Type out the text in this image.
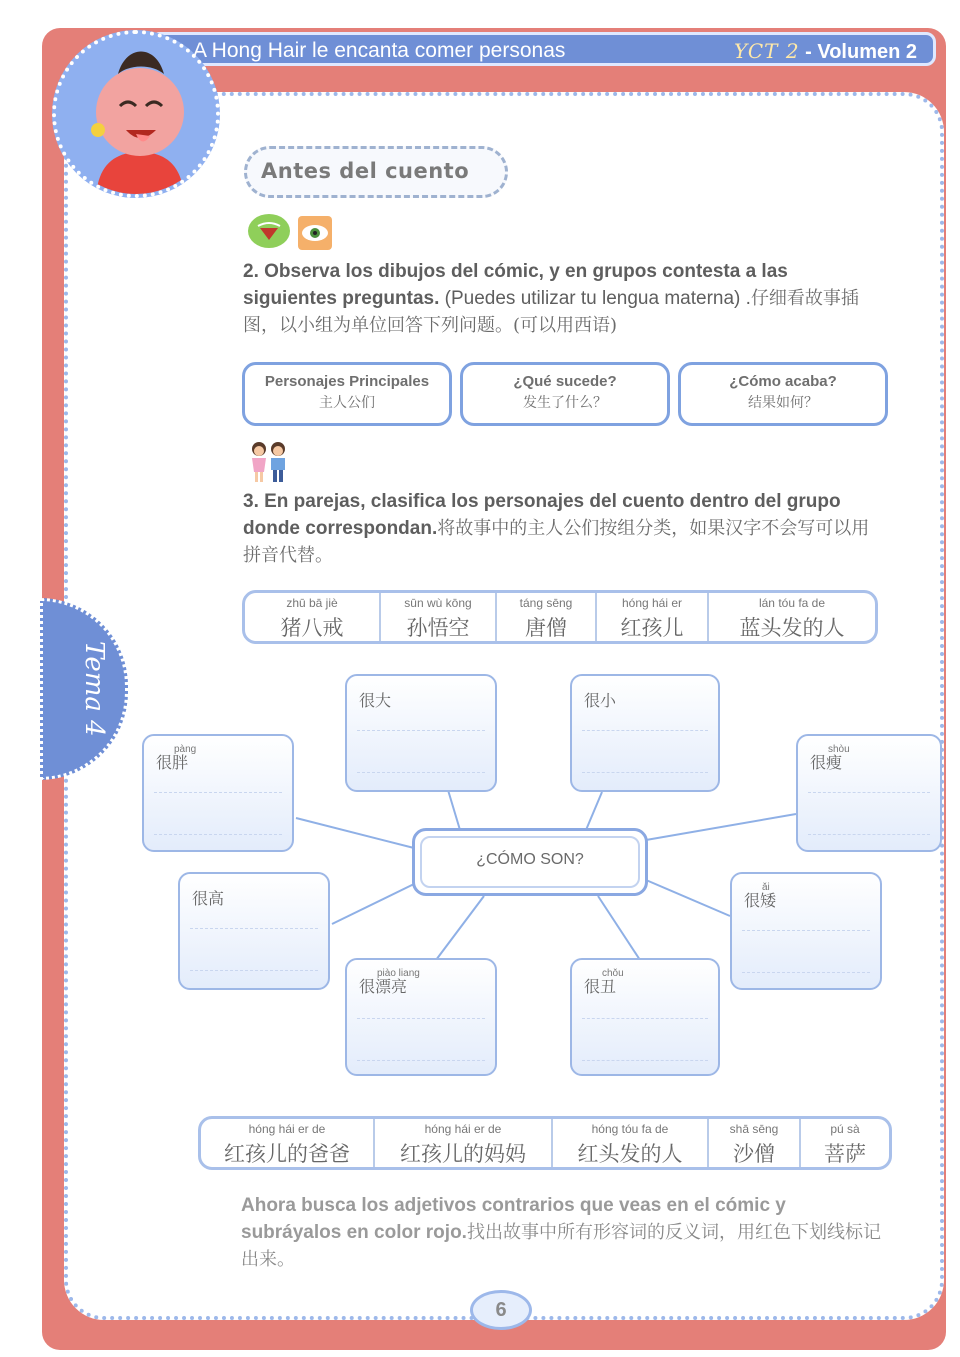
A Hong Hair le encanta comer personas	YCT 2 - Volumen 2
Tema 4
Antes del cuento
2. Observa los dibujos del cómic, y en grupos contesta a las siguientes preguntas. (Puedes utilizar tu lengua materna) .仔细看故事插图，以小组为单位回答下列问题。(可以用西语)
Personajes Principales
主人公们
¿Qué sucede?
发生了什么？
¿Cómo acaba?
结果如何？
3. En parejas, clasifica los personajes del cuento dentro del grupo donde correspondan.将故事中的主人公们按组分类，如果汉字不会写可以用拼音代替。
zhū bā jiè
猪八戒
sūn wù kōng
孙悟空
táng sēng
唐僧
hóng hái er
红孩儿
lán tóu fa de
蓝头发的人
¿CÓMO SON?
很大	很小
pàng
很胖
shòu
很瘦
很高
ǎi
很矮
piào liang
很漂亮
chǒu
很丑
hóng hái er de
红孩儿的爸爸
hóng hái er de
红孩儿的妈妈
hóng tóu fa de
红头发的人
shā sēng
沙僧
pú sà
菩萨
Ahora busca los adjetivos contrarios que veas en el cómic y subráyalos en color rojo.找出故事中所有形容词的反义词，用红色下划线标记出来。
6
